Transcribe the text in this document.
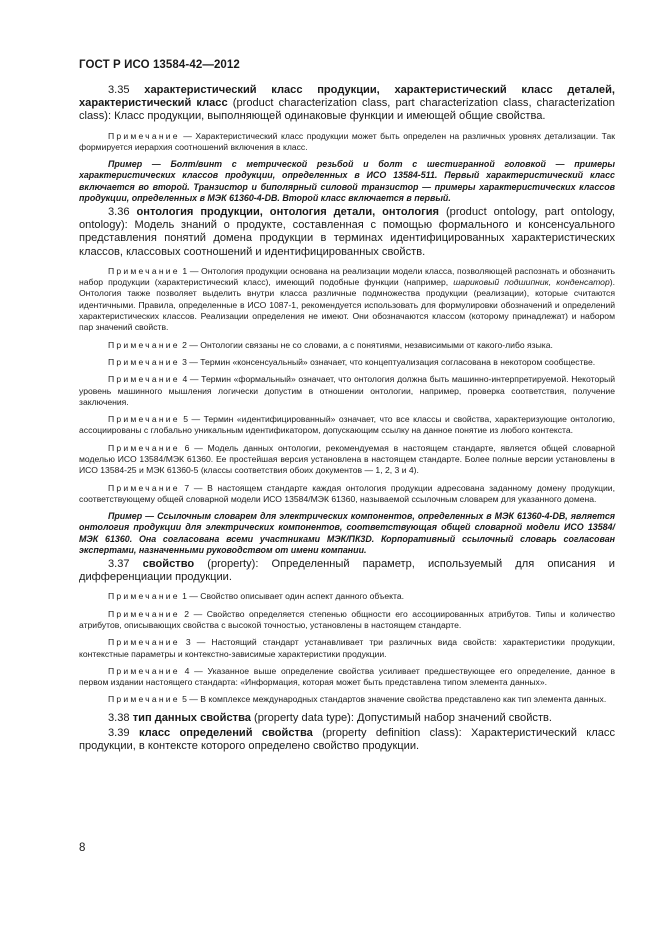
ГОСТ Р ИСО 13584-42—2012

3.35 характеристический класс продукции, характеристический класс деталей, характеристический класс (product characterization class, part characterization class, characterization class): Класс продукции, выполняющей одинаковые функции и имеющей общие свойства.

Примечание — Характеристический класс продукции может быть определен на различных уровнях детализации. Так формируется иерархия соотношений включения в класс.

Пример — Болт/винт с метрической резьбой и болт с шестигранной головкой — примеры характеристических классов продукции, определенных в ИСО 13584-511. Первый характеристический класс включается во второй. Транзистор и биполярный силовой транзистор — примеры характеристических классов продукции, определенных в МЭК 61360-4-DB. Второй класс включается в первый.

3.36 онтология продукции, онтология детали, онтология (product ontology, part ontology, ontology): Модель знаний о продукте, составленная с помощью формального и консенсуального представления понятий домена продукции в терминах идентифицированных характеристических классов, классовых соотношений и идентифицированных свойств.

Примечание 1 — Онтология продукции основана на реализации модели класса, позволяющей распознать и обозначить набор продукции (характеристический класс), имеющий подобные функции (например, шариковый подшипник, конденсатор). Онтология также позволяет выделить внутри класса различные подмножества продукции (реализации), которые считаются идентичными. Правила, определенные в ИСО 1087-1, рекомендуется использовать для формулировки обозначений и определений характеристических классов. Реализации определения не имеют. Они обозначаются классом (которому принадлежат) и набором пар значений свойств.

Примечание 2 — Онтологии связаны не со словами, а с понятиями, независимыми от какого-либо языка.

Примечание 3 — Термин «консенсуальный» означает, что концептуализация согласована в некотором сообществе.

Примечание 4 — Термин «формальный» означает, что онтология должна быть машинно-интерпретируемой. Некоторый уровень машинного мышления логически допустим в отношении онтологии, например, проверка соответствия, получение заключения.

Примечание 5 — Термин «идентифицированный» означает, что все классы и свойства, характеризующие онтологию, ассоциированы с глобально уникальным идентификатором, допускающим ссылку на данное понятие из любого контекста.

Примечание 6 — Модель данных онтологии, рекомендуемая в настоящем стандарте, является общей словарной моделью ИСО 13584/МЭК 61360. Ее простейшая версия установлена в настоящем стандарте. Более полные версии установлены в ИСО 13584-25 и МЭК 61360-5 (классы соответствия обоих документов — 1, 2, 3 и 4).

Примечание 7 — В настоящем стандарте каждая онтология продукции адресована заданному домену продукции, соответствующему общей словарной модели ИСО 13584/МЭК 61360, называемой ссылочным словарем для указанного домена.

Пример — Ссылочным словарем для электрических компонентов, определенных в МЭК 61360-4-DB, является онтология продукции для электрических компонентов, соответствующая общей словарной модели ИСО 13584/МЭК 61360. Она согласована всеми участниками МЭК/ПК3D. Корпоративный ссылочный словарь согласован экспертами, назначенными руководством от имени компании.

3.37 свойство (property): Определенный параметр, используемый для описания и дифференциации продукции.

Примечание 1 — Свойство описывает один аспект данного объекта.

Примечание 2 — Свойство определяется степенью общности его ассоциированных атрибутов. Типы и количество атрибутов, описывающих свойства с высокой точностью, установлены в настоящем стандарте.

Примечание 3 — Настоящий стандарт устанавливает три различных вида свойств: характеристики продукции, контекстные параметры и контекстно-зависимые характеристики продукции.

Примечание 4 — Указанное выше определение свойства усиливает предшествующее его определение, данное в первом издании настоящего стандарта: «Информация, которая может быть представлена типом элемента данных».

Примечание 5 — В комплексе международных стандартов значение свойства представлено как тип элемента данных.

3.38 тип данных свойства (property data type): Допустимый набор значений свойств.

3.39 класс определений свойства (property definition class): Характеристический класс продукции, в контексте которого определено свойство продукции.

8
